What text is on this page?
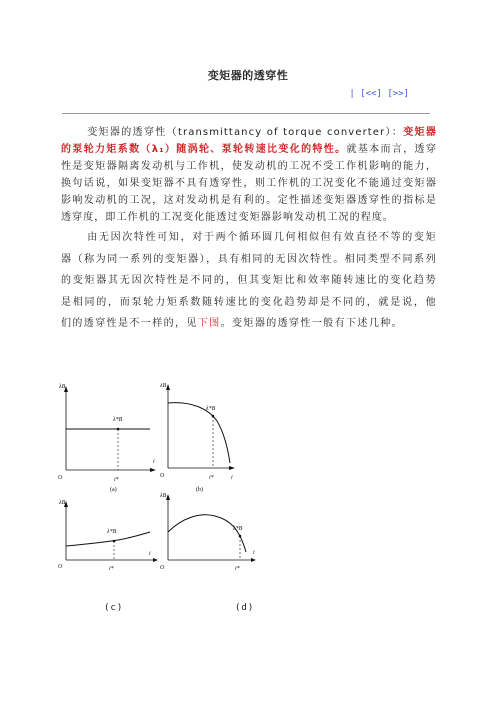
变矩器的透穿性
| [<<] [>>]
变矩器的透穿性（transmittancy of torque converter）：变矩器的泵轮力矩系数（λ₁）随涡轮、泵轮转速比变化的特性。就基本而言，透穿性是变矩器隔离发动机与工作机，使发动机的工况不受工作机影响的能力，换句话说，如果变矩器不具有透穿性，则工作机的工况变化不能通过变矩器影响发动机的工况，这对发动机是有利的。定性描述变矩器透穿性的指标是透穿度，即工作机的工况变化能透过变矩器影响发动机工况的程度。
由无因次特性可知，对于两个循环圆几何相似但有效直径不等的变矩器（称为同一系列的变矩器），具有相同的无因次特性。相同类型不同系列的变矩器其无因次特性是不同的，但其变矩比和效率随转速比的变化趋势是相同的，而泵轮力矩系数随转速比的变化趋势却是不同的，就是说，他们的透穿性是不一样的，见下图。变矩器的透穿性一般有下述几种。
λB
λ*B
O	i*
i
(a)
λB
λ*B
O	i*	i
(b)
λB
λ*B
O	i*
i
λB
λ*B
O	i*
i
(c)	(d)
